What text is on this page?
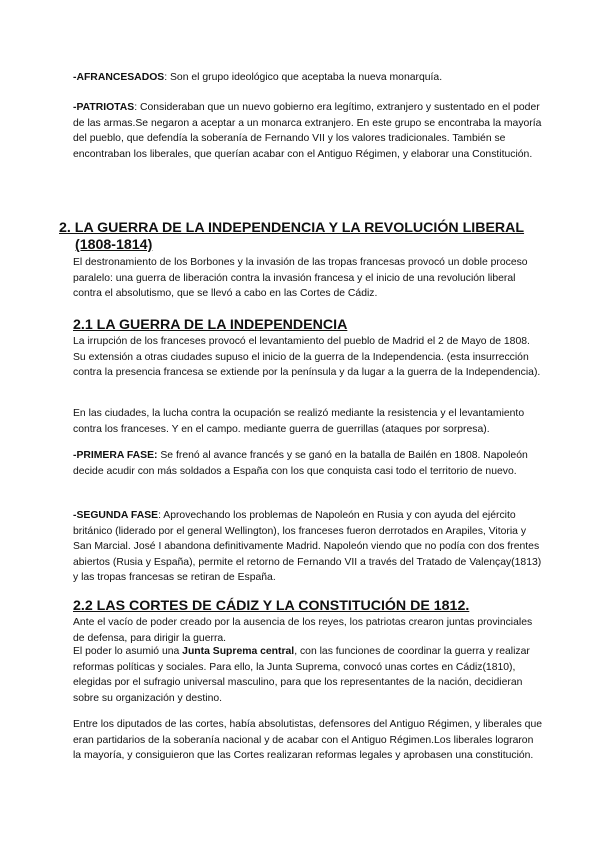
-AFRANCESADOS: Son el grupo ideológico que aceptaba la nueva monarquía.

-PATRIOTAS: Consideraban que un nuevo gobierno era legítimo, extranjero y sustentado en el poder de las armas.Se negaron a aceptar a un monarca extranjero. En este grupo se encontraba la mayoría del pueblo, que defendía la soberanía de Fernando VII y los valores tradicionales. También se encontraban los liberales, que querían acabar con el Antiguo Régimen, y elaborar una Constitución.

2. LA GUERRA DE LA INDEPENDENCIA Y LA REVOLUCIÓN LIBERAL
(1808-1814)

El destronamiento de los Borbones y la invasión de las tropas francesas provocó un doble proceso paralelo: una guerra de liberación contra la invasión francesa y el inicio de una revolución liberal contra el absolutismo, que se llevó a cabo en las Cortes de Cádiz.

2.1 LA GUERRA DE LA INDEPENDENCIA

La irrupción de los franceses provocó el levantamiento del pueblo de Madrid el 2 de Mayo de 1808. Su extensión a otras ciudades supuso el inicio de la guerra de la Independencia. (esta insurrección contra la presencia francesa se extiende por la península y da lugar a la guerra de la Independencia).

En las ciudades, la lucha contra la ocupación se realizó mediante la resistencia y el levantamiento contra los franceses. Y en el campo. mediante guerra de guerrillas (ataques por sorpresa).

-PRIMERA FASE: Se frenó al avance francés y se ganó en la batalla de Bailén en 1808. Napoleón decide acudir con más soldados a España con los que conquista casi todo el territorio de nuevo.

-SEGUNDA FASE: Aprovechando los problemas de Napoleón en Rusia y con ayuda del ejército británico (liderado por el general Wellington), los franceses fueron derrotados en Arapiles, Vitoria y San Marcial. José I abandona definitivamente Madrid. Napoleón viendo que no podía con dos frentes abiertos (Rusia y España), permite el retorno de Fernando VII a través del Tratado de Valençay(1813) y las tropas francesas se retiran de España.

2.2 LAS CORTES DE CÁDIZ Y LA CONSTITUCIÓN DE 1812.

Ante el vacío de poder creado por la ausencia de los reyes, los patriotas crearon juntas provinciales de defensa, para dirigir la guerra.

El poder lo asumió una Junta Suprema central, con las funciones de coordinar la guerra y realizar reformas políticas y sociales. Para ello, la Junta Suprema, convocó unas cortes en Cádiz(1810), elegidas por el sufragio universal masculino, para que los representantes de la nación, decidieran sobre su organización y destino.

Entre los diputados de las cortes, había absolutistas, defensores del Antiguo Régimen, y liberales que eran partidarios de la soberanía nacional y de acabar con el Antiguo Régimen.Los liberales lograron la mayoría, y consiguieron que las Cortes realizaran reformas legales y aprobasen una constitución.
